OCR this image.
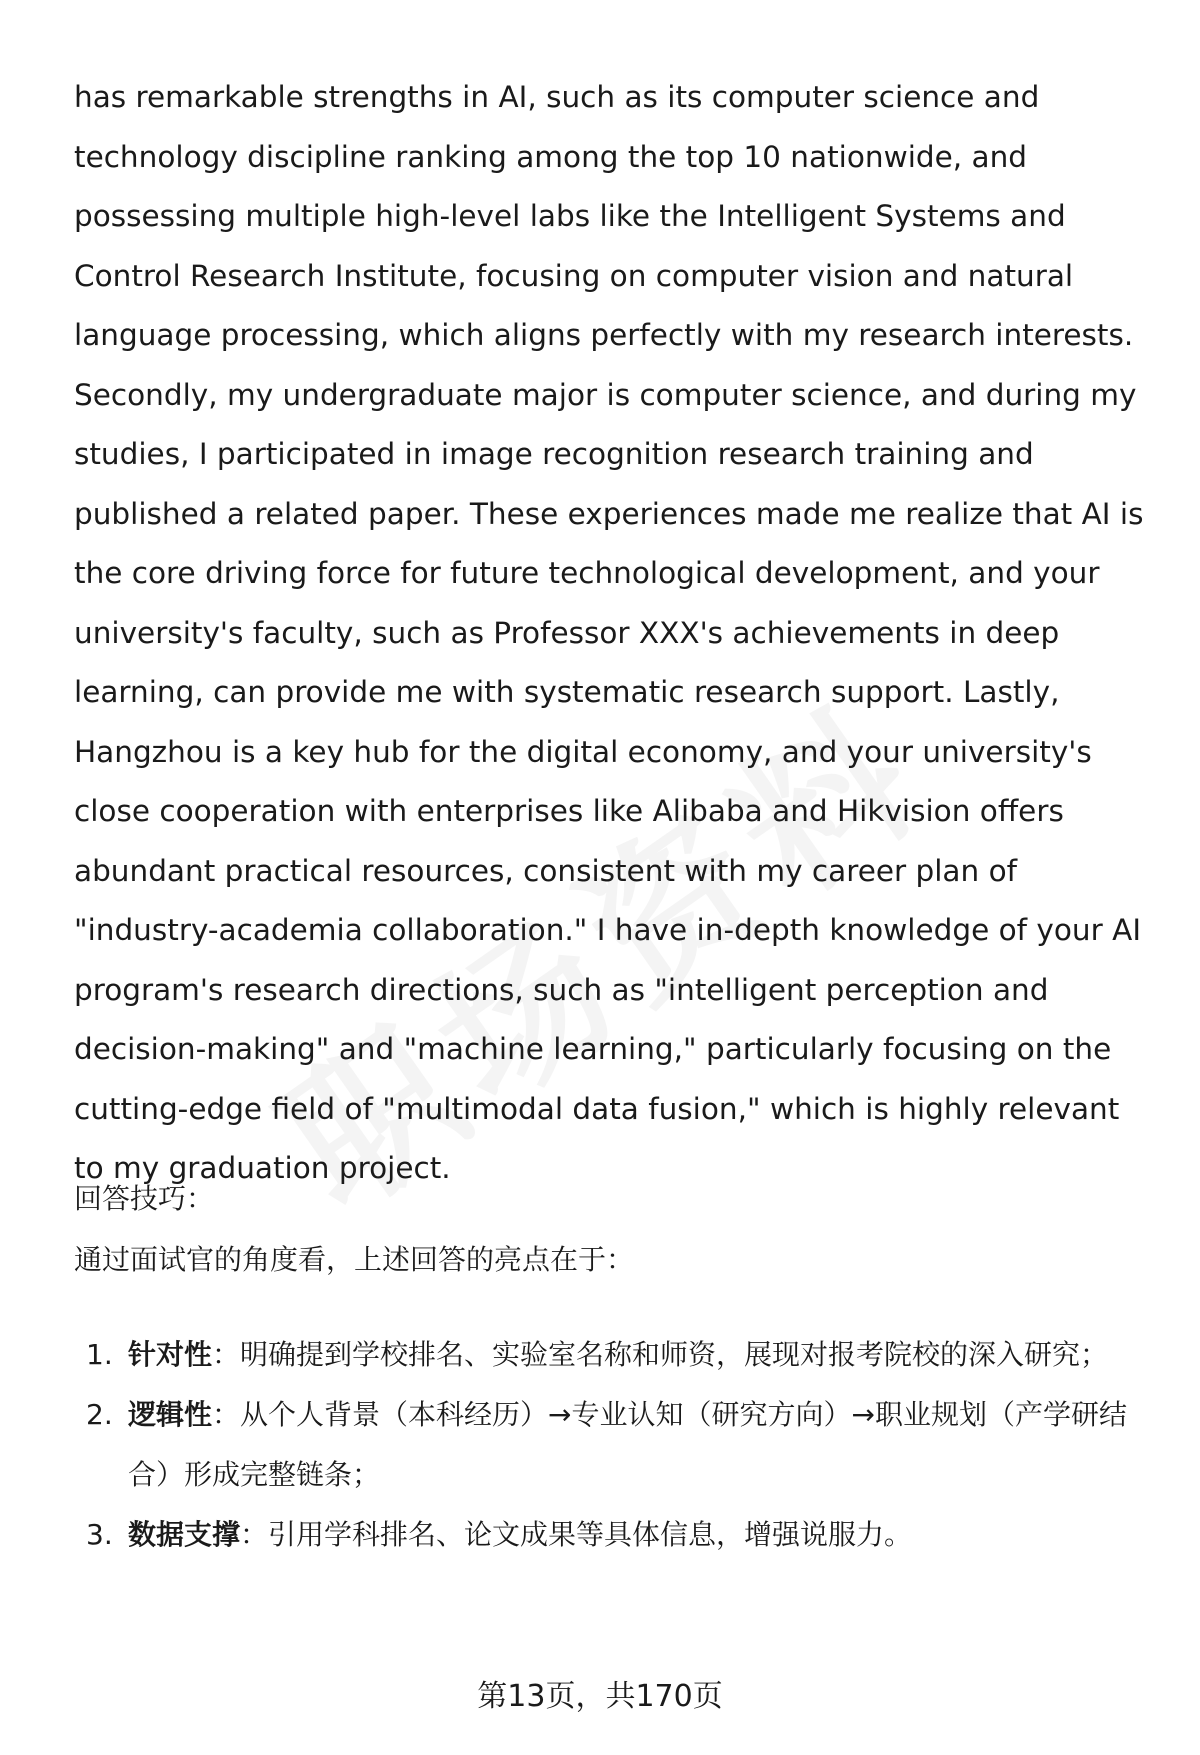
has remarkable strengths in AI, such as its computer science and technology discipline ranking among the top 10 nationwide, and possessing multiple high-level labs like the Intelligent Systems and Control Research Institute, focusing on computer vision and natural language processing, which aligns perfectly with my research interests. Secondly, my undergraduate major is computer science, and during my studies, I participated in image recognition research training and published a related paper. These experiences made me realize that AI is the core driving force for future technological development, and your university's faculty, such as Professor XXX's achievements in deep learning, can provide me with systematic research support. Lastly, Hangzhou is a key hub for the digital economy, and your university's close cooperation with enterprises like Alibaba and Hikvision offers abundant practical resources, consistent with my career plan of "industry-academia collaboration." I have in-depth knowledge of your AI program's research directions, such as "intelligent perception and decision-making" and "machine learning," particularly focusing on the cutting-edge field of "multimodal data fusion," which is highly relevant to my graduation project.

回答技巧：

通过面试官的角度看，上述回答的亮点在于：

1. 针对性：明确提到学校排名、实验室名称和师资，展现对报考院校的深入研究；
2. 逻辑性：从个人背景（本科经历）→专业认知（研究方向）→职业规划（产学研结合）形成完整链条；
3. 数据支撑：引用学科排名、论文成果等具体信息，增强说服力。
第13页，共170页
